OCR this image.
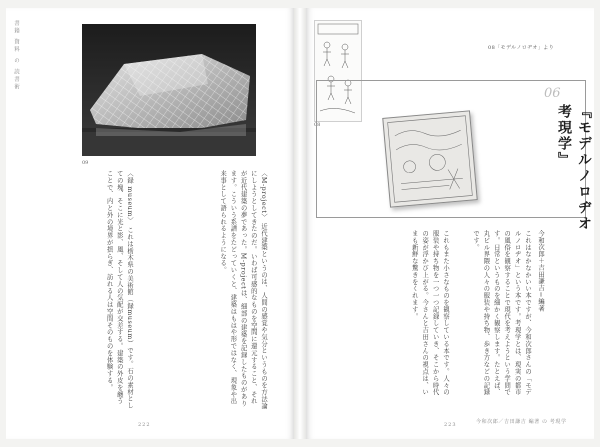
書籍 資料 の 読書術
09
〈M-project〉 近代建築というのは、人間の感覚や気分というものを方法論にしようとしてきたのだ。いわば可感的なものを空間に還元すること、それが近代建築の夢であった。M-projectは、細部の建築を記録したものがあります。こういう系譜をたどっていくと、建築はもはや形ではなく、現象や出来事として語られるようになる。
〈録 museum〉 これは栃木県の美術館（録museum）です。石の素材としての塊、そこに光と影、風、そして人の気配が交差する。建築の外皮を纏うことで、内と外の境界が揺らぎ、訪れる人は空間そのものを体験する。
222
08
08「モデルノロヂオ」より
06
『モデルノロヂオ 考現学』
今和次郎＋吉田謙吉＝編著
これはなかなかいい本ですが、今和次郎さんの「モデルノロヂオ」という本です。考現学とは、現実の都市の風俗を観察することで現代を考えようという学問です。日常というものを細かく観察します。たとえば、丸ビル界隈の人々の服装や持ち物、歩き方などの記録です。
これもまた小さなものを観察している本です。人々の服装や持ち物を一つ一つ記録していき、そこから時代の姿が浮かび上がる。今さんと吉田さんの視点は、いまも新鮮な驚きをくれます。
今和次郎／吉田謙吉 編著 の 考現学
223
